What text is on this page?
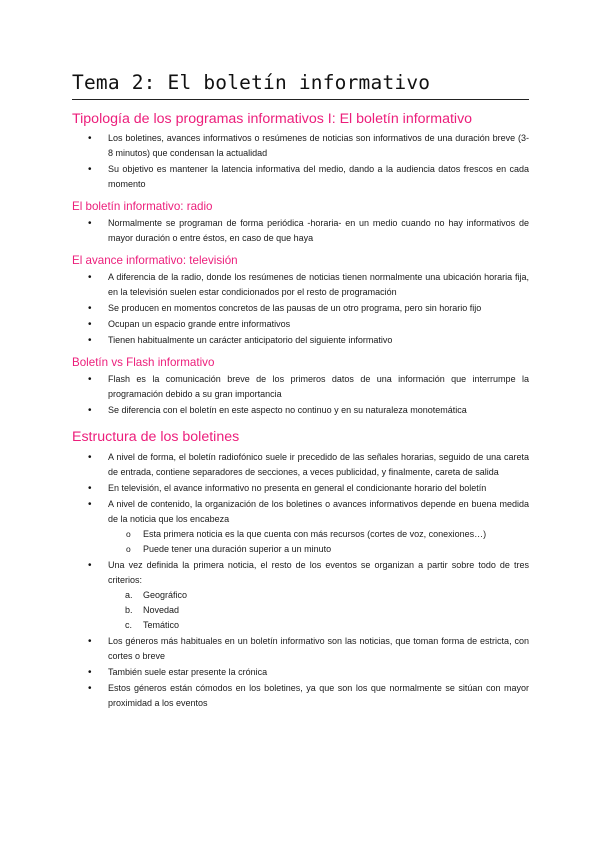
Tema 2: El boletín informativo
Tipología de los programas informativos I: El boletín informativo
• Los boletines, avances informativos o resúmenes de noticias son informativos de una duración breve (3-8 minutos) que condensan la actualidad
• Su objetivo es mantener la latencia informativa del medio, dando a la audiencia datos frescos en cada momento
El boletín informativo: radio
• Normalmente se programan de forma periódica -horaria- en un medio cuando no hay informativos de mayor duración o entre éstos, en caso de que haya
El avance informativo: televisión
• A diferencia de la radio, donde los resúmenes de noticias tienen normalmente una ubicación horaria fija, en la televisión suelen estar condicionados por el resto de programación
• Se producen en momentos concretos de las pausas de un otro programa, pero sin horario fijo
• Ocupan un espacio grande entre informativos
• Tienen habitualmente un carácter anticipatorio del siguiente informativo
Boletín vs Flash informativo
• Flash es la comunicación breve de los primeros datos de una información que interrumpe la programación debido a su gran importancia
• Se diferencia con el boletín en este aspecto no continuo y en su naturaleza monotemática
Estructura de los boletines
• A nivel de forma, el boletín radiofónico suele ir precedido de las señales horarias, seguido de una careta de entrada, contiene separadores de secciones, a veces publicidad, y finalmente, careta de salida
• En televisión, el avance informativo no presenta en general el condicionante horario del boletín
• A nivel de contenido, la organización de los boletines o avances informativos depende en buena medida de la noticia que los encabeza
o Esta primera noticia es la que cuenta con más recursos (cortes de voz, conexiones…)
o Puede tener una duración superior a un minuto
• Una vez definida la primera noticia, el resto de los eventos se organizan a partir sobre todo de tres criterios:
a. Geográfico
b. Novedad
c. Temático
• Los géneros más habituales en un boletín informativo son las noticias, que toman forma de estricta, con cortes o breve
• También suele estar presente la crónica
• Estos géneros están cómodos en los boletines, ya que son los que normalmente se sitúan con mayor proximidad a los eventos
